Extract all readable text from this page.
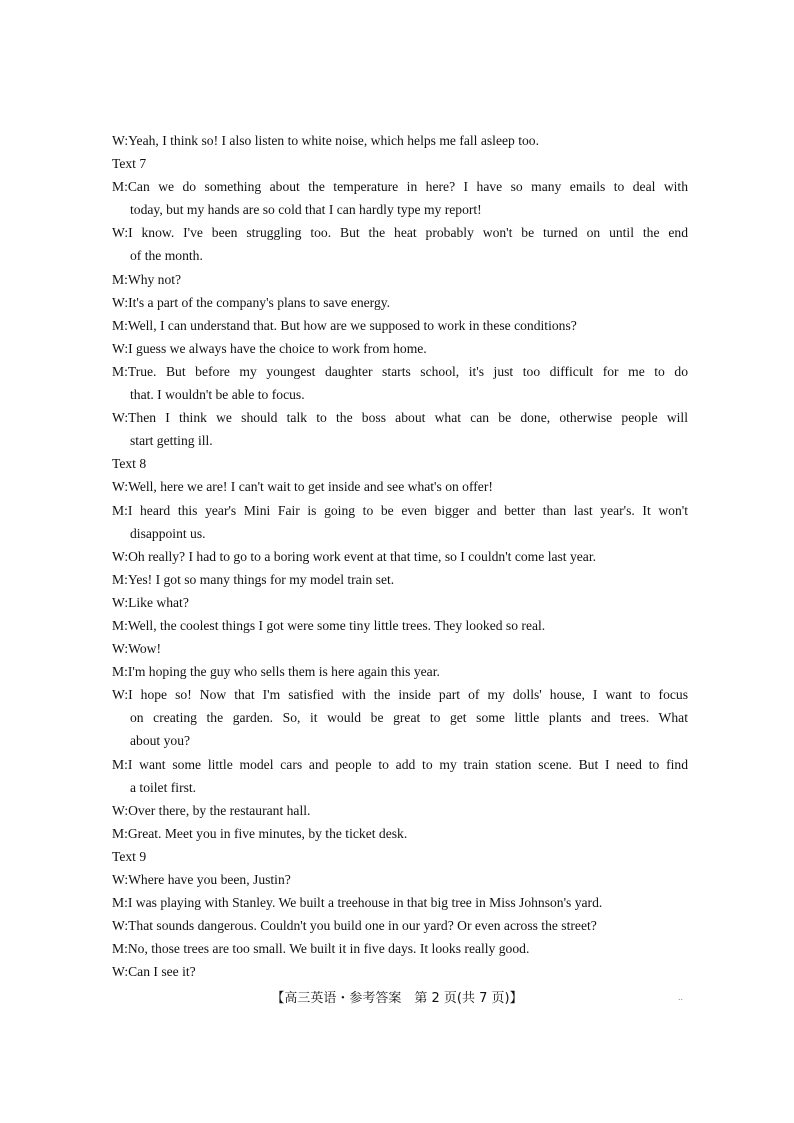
W:Yeah, I think so! I also listen to white noise, which helps me fall asleep too.
Text 7
M:Can we do something about the temperature in here? I have so many emails to deal with
today, but my hands are so cold that I can hardly type my report!
W:I know. I've been struggling too. But the heat probably won't be turned on until the end
of the month.
M:Why not?
W:It's a part of the company's plans to save energy.
M:Well, I can understand that. But how are we supposed to work in these conditions?
W:I guess we always have the choice to work from home.
M:True. But before my youngest daughter starts school, it's just too difficult for me to do
that. I wouldn't be able to focus.
W:Then I think we should talk to the boss about what can be done, otherwise people will
start getting ill.
Text 8
W:Well, here we are! I can't wait to get inside and see what's on offer!
M:I heard this year's Mini Fair is going to be even bigger and better than last year's. It won't
disappoint us.
W:Oh really? I had to go to a boring work event at that time, so I couldn't come last year.
M:Yes! I got so many things for my model train set.
W:Like what?
M:Well, the coolest things I got were some tiny little trees. They looked so real.
W:Wow!
M:I'm hoping the guy who sells them is here again this year.
W:I hope so! Now that I'm satisfied with the inside part of my dolls' house, I want to focus
on creating the garden. So, it would be great to get some little plants and trees. What
about you?
M:I want some little model cars and people to add to my train station scene. But I need to find
a toilet first.
W:Over there, by the restaurant hall.
M:Great. Meet you in five minutes, by the ticket desk.
Text 9
W:Where have you been, Justin?
M:I was playing with Stanley. We built a treehouse in that big tree in Miss Johnson's yard.
W:That sounds dangerous. Couldn't you build one in our yard? Or even across the street?
M:No, those trees are too small. We built it in five days. It looks really good.
W:Can I see it?
【高三英语・参考答案　第 2 页(共 7 页)】	..
